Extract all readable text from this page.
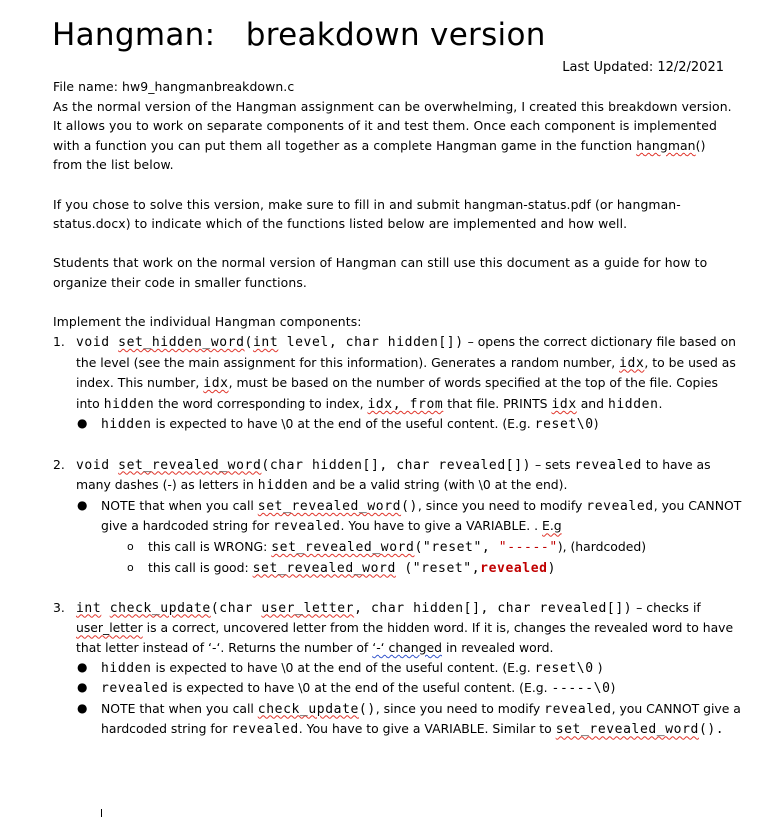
Hangman:   breakdown version
Last Updated: 12/2/2021
File name: hw9_hangmanbreakdown.c
As the normal version of the Hangman assignment can be overwhelming, I created this breakdown version. It allows you to work on separate components of it and test them. Once each component is implemented with a function you can put them all together as a complete Hangman game in the function hangman() from the list below.
If you chose to solve this version, make sure to fill in and submit hangman-status.pdf (or hangman-status.docx) to indicate which of the functions listed below are implemented and how well.
Students that work on the normal version of Hangman can still use this document as a guide for how to organize their code in smaller functions.
Implement the individual Hangman components:
1. void set_hidden_word(int level, char hidden[]) – opens the correct dictionary file based on the level (see the main assignment for this information). Generates a random number, idx, to be used as index. This number, idx, must be based on the number of words specified at the top of the file. Copies into hidden the word corresponding to index, idx, from that file. PRINTS idx and hidden.
● hidden is expected to have \0 at the end of the useful content. (E.g. reset\0)
2. void set_revealed_word(char hidden[], char revealed[]) – sets revealed to have as many dashes (-) as letters in hidden and be a valid string (with \0 at the end).
● NOTE that when you call set_revealed_word(), since you need to modify revealed, you CANNOT give a hardcoded string for revealed. You have to give a VARIABLE. . E.g
o this call is WRONG: set_revealed_word("reset", "-----"), (hardcoded)
o this call is good: set_revealed_word ("reset",revealed)
3. int check_update(char user_letter, char hidden[], char revealed[]) – checks if user_letter is a correct, uncovered letter from the hidden word. If it is, changes the revealed word to have that letter instead of ‘-‘. Returns the number of ‘-‘ changed in revealed word.
● hidden is expected to have \0 at the end of the useful content. (E.g. reset\0 )
● revealed is expected to have \0 at the end of the useful content. (E.g. -----\0)
● NOTE that when you call check_update(), since you need to modify revealed, you CANNOT give a hardcoded string for revealed. You have to give a VARIABLE. Similar to set_revealed_word().
